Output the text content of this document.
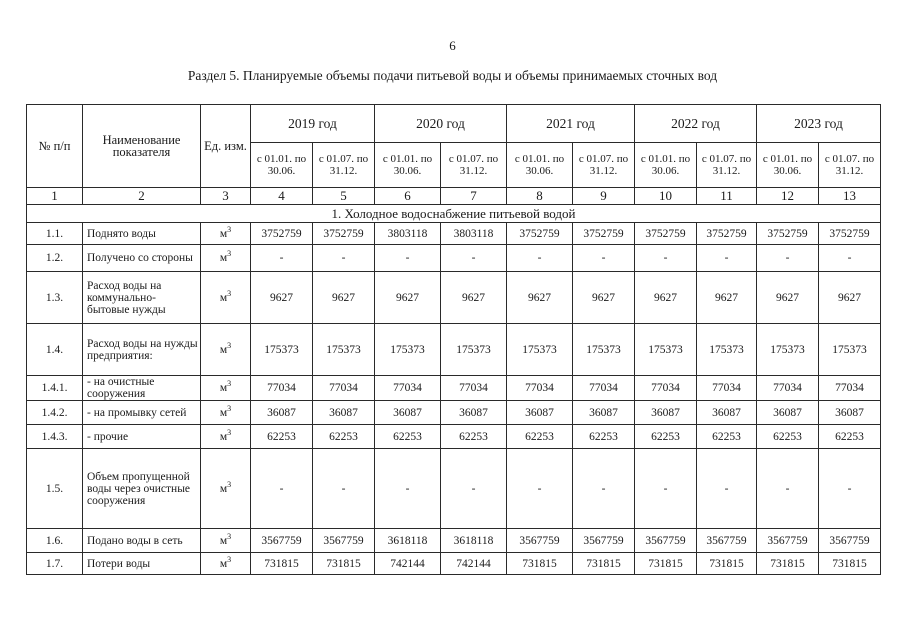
6
Раздел 5. Планируемые объемы подачи питьевой воды и объемы принимаемых сточных вод
№ п/п	Наименование показателя	Ед. изм.	2019 год		2020 год		2021 год		2022 год		2023 год	
			с 01.01. по 30.06.	с 01.07. по 31.12.	с 01.01. по 30.06.	с 01.07. по 31.12.	с 01.01. по 30.06.	с 01.07. по 31.12.	с 01.01. по 30.06.	с 01.07. по 31.12.	с 01.01. по 30.06.	с 01.07. по 31.12.
1	2	3	4	5	6	7	8	9	10	11	12	13
1. Холодное водоснабжение питьевой водой												
1.1.	Поднято воды	$м^3$	3752759	3752759	3803118	3803118	3752759	3752759	3752759	3752759	3752759	3752759
1.2.	Получено со стороны	$м^3$	-	-	-	-	-	-	-	-	-	-
1.3.	Расход воды на коммунально-бытовые нужды	$м^3$	9627	9627	9627	9627	9627	9627	9627	9627	9627	9627
1.4.	Расход воды на нужды предприятия:	$м^3$	175373	175373	175373	175373	175373	175373	175373	175373	175373	175373
1.4.1.	- на очистные сооружения	$м^3$	77034	77034	77034	77034	77034	77034	77034	77034	77034	77034
1.4.2.	- на промывку сетей	$м^3$	36087	36087	36087	36087	36087	36087	36087	36087	36087	36087
1.4.3.	- прочие	$м^3$	62253	62253	62253	62253	62253	62253	62253	62253	62253	62253
1.5.	Объем пропущенной воды через очистные сооружения	$м^3$	-	-	-	-	-	-	-	-	-	-
1.6.	Подано воды в сеть	$м^3$	3567759	3567759	3618118	3618118	3567759	3567759	3567759	3567759	3567759	3567759
1.7.	Потери воды	$м^3$	731815	731815	742144	742144	731815	731815	731815	731815	731815	731815
